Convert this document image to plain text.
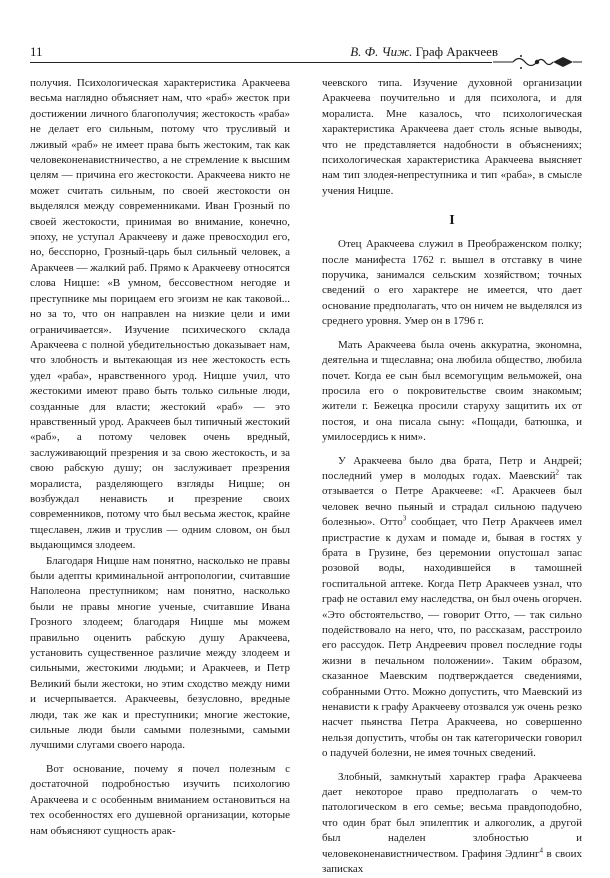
11	В. Ф. Чиж. Граф Аракчеев

получия. Психологическая характеристика Аракчеева весьма наглядно объясняет нам, что «раб» жесток при достижении личного благополучия; жестокость «раба» не делает его сильным, потому что трусливый и лживый «раб» не имеет права быть жестоким, так как человеконенавистничество, а не стремление к высшим целям — причина его жестокости. Аракчеева никто не может считать сильным, по своей жестокости он выделялся между современниками. Иван Грозный по своей жестокости, принимая во внимание, конечно, эпоху, не уступал Аракчееву и даже превосходил его, но, бесспорно, Грозный-царь был сильный человек, а Аракчеев — жалкий раб. Прямо к Аракчееву относятся слова Ницше: «В умном, бессовестном негодяе и преступнике мы порицаем его эгоизм не как таковой... но за то, что он направлен на низкие цели и ими ограничивается». Изучение психического склада Аракчеева с полной убедительностью доказывает нам, что злобность и вытекающая из нее жестокость есть удел «раба», нравственного урод. Ницше учил, что жестокими имеют право быть только сильные люди, созданные для власти; жестокий «раб» — это нравственный урод. Аракчеев был типичный жестокий «раб», а потому человек очень вредный, заслуживающий презрения и за свою жестокость, и за свою рабскую душу; он заслуживает презрения моралиста, разделяющего взгляды Ницше; он возбуждал ненависть и презрение своих современников, потому что был весьма жесток, крайне тщеславен, лжив и труслив — одним словом, он был выдающимся злодеем.

Благодаря Ницше нам понятно, насколько не правы были адепты криминальной антропологии, считавшие Наполеона преступником; нам понятно, насколько были не правы многие ученые, считавшие Ивана Грозного злодеем; благодаря Ницше мы можем правильно оценить рабскую душу Аракчеева, установить существенное различие между злодеем и сильными, жестокими людьми; и Аракчеев, и Петр Великий были жестоки, но этим сходство между ними и исчерпывается. Аракчеевы, безусловно, вредные люди, так же как и преступники; многие жестокие, сильные люди были самыми полезными, самыми лучшими слугами своего народа.

Вот основание, почему я почел полезным с достаточной подробностью изучить психологию Аракчеева и с особенным вниманием остановиться на тех особенностях его душевной организации, которые нам объясняют сущность арак-

чеевского типа. Изучение духовной организации Аракчеева поучительно и для психолога, и для моралиста. Мне казалось, что психологическая характеристика Аракчеева дает столь ясные выводы, что не представляется надобности в объяснениях; психологическая характеристика Аракчеева выясняет нам тип злодея-непреступника и тип «раба», в смысле учения Ницше.

I

Отец Аракчеева служил в Преображенском полку; после манифеста 1762 г. вышел в отставку в чине поручика, занимался сельским хозяйством; точных сведений о его характере не имеется, что дает основание предполагать, что он ничем не выделялся из среднего уровня. Умер он в 1796 г.

Мать Аракчеева была очень аккуратна, экономна, деятельна и тщеславна; она любила общество, любила почет. Когда ее сын был всемогущим вельможей, она просила его о покровительстве своим знакомым; жители г. Бежецка просили старуху защитить их от постоя, и она писала сыну: «Пощади, батюшка, и умилосердись к ним».

У Аракчеева было два брата, Петр и Андрей; последний умер в молодых годах. Маевский$^2$ так отзывается о Петре Аракчееве: «Г. Аракчеев был человек вечно пьяный и страдал сильною падучею болезнью». Отто$^3$ сообщает, что Петр Аракчеев имел пристрастие к духам и помаде и, бывая в гостях у брата в Грузине, без церемонии опустошал запас розовой воды, находившейся в тамошней госпитальной аптеке. Когда Петр Аракчеев узнал, что граф не оставил ему наследства, он был очень огорчен. «Это обстоятельство, — говорит Отто, — так сильно подействовало на него, что, по рассказам, расстроило его рассудок. Петр Андреевич провел последние годы жизни в печальном положении». Таким образом, сказанное Маевским подтверждается сведениями, собранными Отто. Можно допустить, что Маевский из ненависти к графу Аракчееву отозвался уж очень резко насчет пьянства Петра Аракчеева, но совершенно нельзя допустить, чтобы он так категорически говорил о падучей болезни, не имея точных сведений.

Злобный, замкнутый характер графа Аракчеева дает некоторое право предполагать о чем-то патологическом в его семье; весьма правдоподобно, что один брат был эпилептик и алкоголик, а другой был наделен злобностью и человеконенавистничеством. Графиня Эдлинг$^4$ в своих записках
